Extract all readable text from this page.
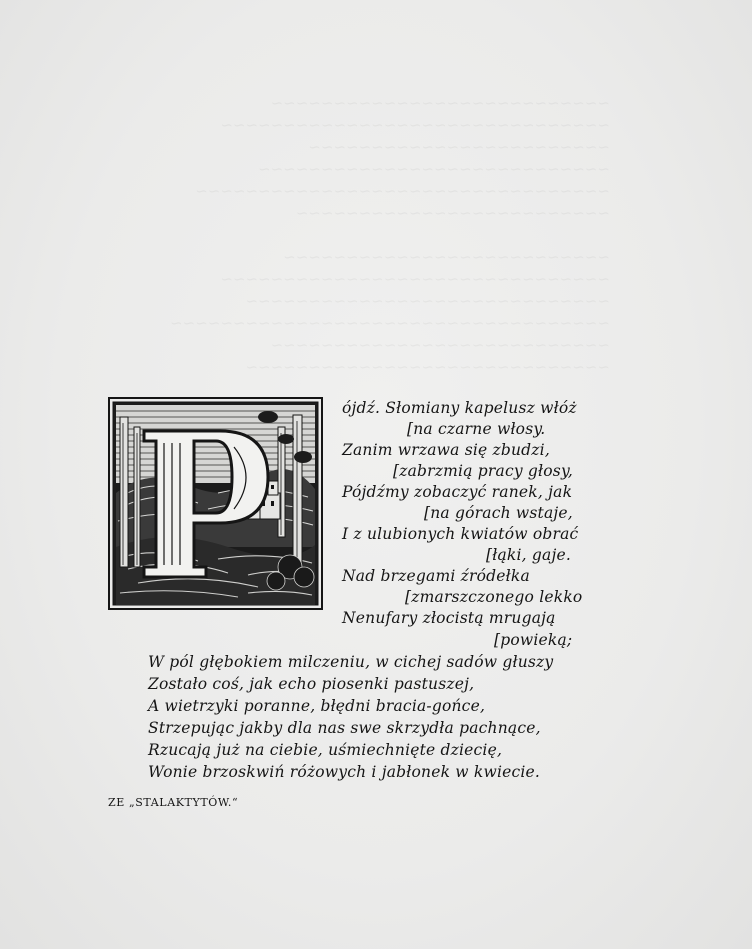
ójdź. Słomiany kapelusz włóż
[na czarne włosy.
Zanim wrzawa się zbudzi,
[zabrzmią pracy głosy,
Pójdźmy zobaczyć ranek, jak
[na górach wstaje,
I z ulubionych kwiatów obrać
[łąki, gaje.
Nad brzegami źródełka
[zmarszczonego lekko
Nenufary złocistą mrugają
[powieką;
W pól głębokiem milczeniu, w cichej sadów głuszy
Zostało coś, jak echo piosenki pastuszej,
A wietrzyki poranne, błędni bracia-gońce,
Strzepując jakby dla nas swe skrzydła pachnące,
Rzucają już na ciebie, uśmiechnięte dziecię,
Wonie brzoskwiń różowych i jabłonek w kwiecie.
ZE „STALAKTYTÓW.“
